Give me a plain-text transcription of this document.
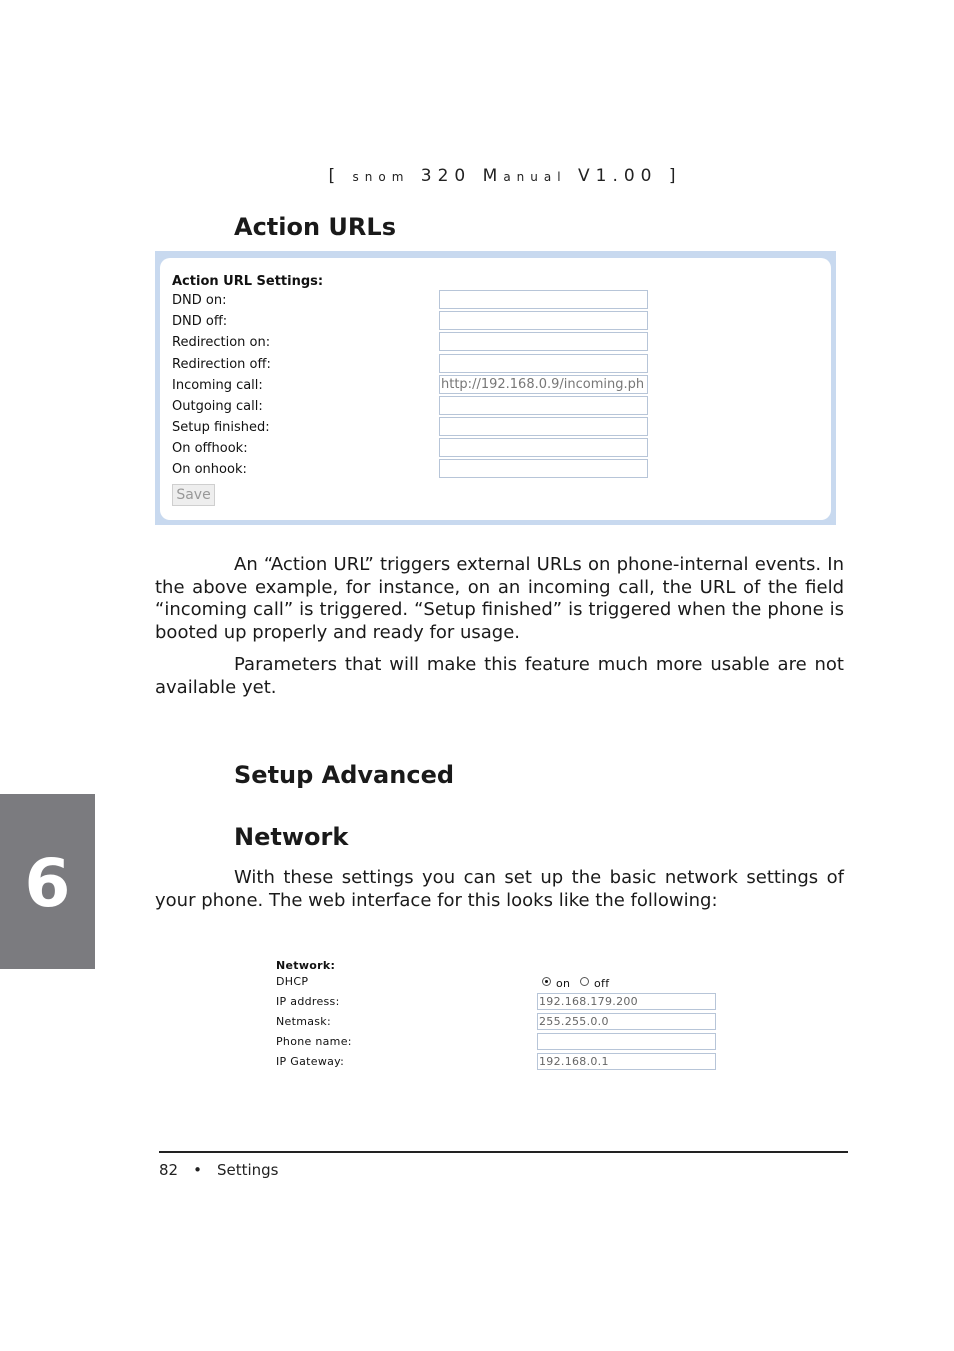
[ snom 320 Manual V1.00 ]
Action URLs
Action URL Settings:
DND on:
DND off:
Redirection on:
Redirection off:
Incoming call:	http://192.168.0.9/incoming.ph
Outgoing call:
Setup finished:
On offhook:
On onhook:
Save

An “Action URL” triggers external URLs on phone-internal events. In the above example, for instance, on an incoming call, the URL of the field “incoming call” is triggered. “Setup finished” is triggered when the phone is booted up properly and ready for usage.

Parameters that will make this feature much more usable are not available yet.

Setup Advanced
Network

With these settings you can set up the basic network settings of your phone. The web interface for this looks like the following:

Network:
DHCP	on off
IP address:	192.168.179.200
Netmask:	255.255.0.0
Phone name:
IP Gateway:	192.168.0.1
6
82 • Settings
